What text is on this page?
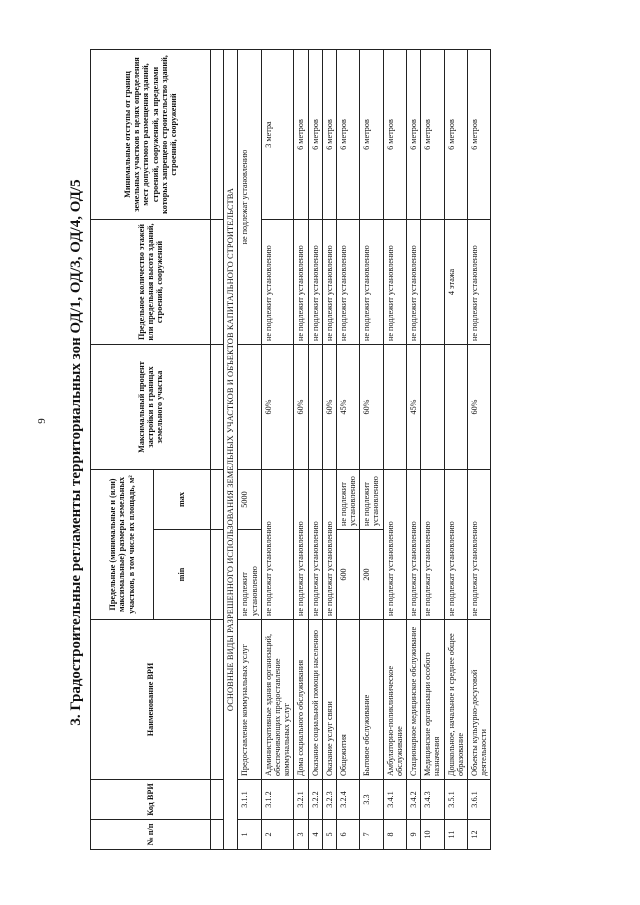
9 3. Градостроительные регламенты территориальных зон ОД/1, ОД/3, ОД/4, ОД/5
№ п/п	Код ВРИ	Наименование ВРИ	Предельные (минимальные и (или) максимальные) размеры земельных участков, в том числе их площадь, м²		Максимальный процент застройки в границах земельного участка	Предельное количество этажей или предельная высота зданий, строений, сооружений	Минимальные отступы от границ земельных участков в целях определения мест допустимого размещения зданий, строений, сооружений, за пределами которых запрещено строительство зданий, строений, сооружений
			min	max			

ОСНОВНЫЕ ВИДЫ РАЗРЕШЕННОГО ИСПОЛЬЗОВАНИЯ ЗЕМЕЛЬНЫХ УЧАСТКОВ И ОБЪЕКТОВ КАПИТАЛЬНОГО СТРОИТЕЛЬСТВА							
1	3.1.1	Предоставление коммунальных услуг	не подлежит установлению	5000		не подлежат установлению	
2	3.1.2	Административные здания организаций, обеспечивающих предоставление коммунальных услуг	не подлежат установлению		60%	не подлежит установлению	3 метра
3	3.2.1	Дома социального обслуживания	не подлежат установлению		60%	не подлежит установлению	6 метров
4	3.2.2	Оказание социальной помощи населению	не подлежат установлению			не подлежит установлению	6 метров
5	3.2.3	Оказание услуг связи	не подлежат установлению		60%	не подлежит установлению	6 метров
6	3.2.4	Общежития	600	не подлежит установлению	45%	не подлежит установлению	6 метров
7	3.3	Бытовое обслуживание	200	не подлежит установлению	60%	не подлежит установлению	6 метров
8	3.4.1	Амбулаторно-поликлиническое обслуживание	не подлежат установлению			не подлежит установлению	6 метров
9	3.4.2	Стационарное медицинское обслуживание	не подлежат установлению		45%	не подлежит установлению	6 метров
10	3.4.3	Медицинские организации особого назначения	не подлежат установлению				6 метров
11	3.5.1	Дошкольное, начальное и среднее общее образование	не подлежат установлению			4 этажа	6 метров
12	3.6.1	Объекты культурно-досуговой деятельности	не подлежат установлению		60%	не подлежит установлению	6 метров
